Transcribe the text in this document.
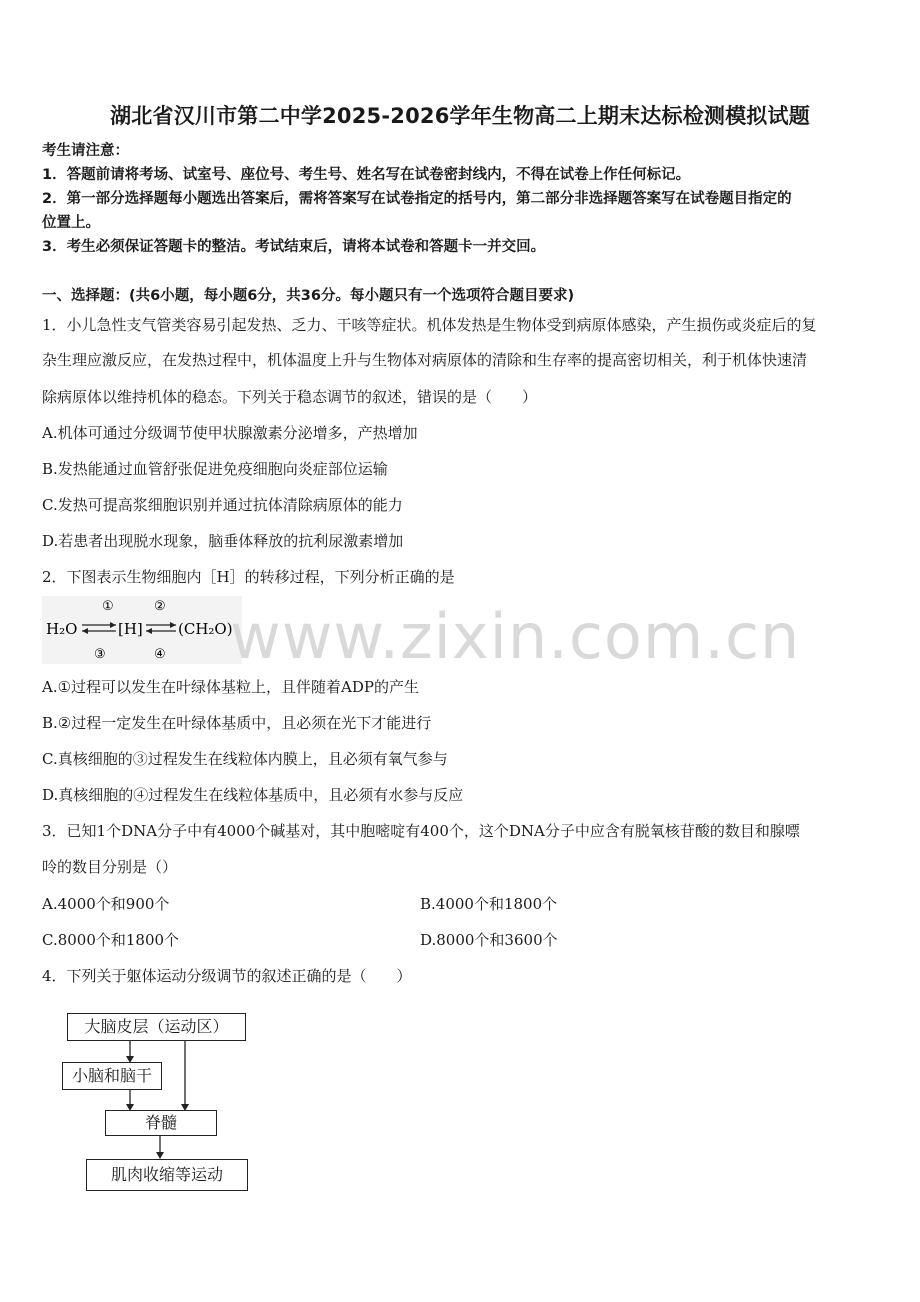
湖北省汉川市第二中学2025-2026学年生物高二上期末达标检测模拟试题
考生请注意：
1．答题前请将考场、试室号、座位号、考生号、姓名写在试卷密封线内，不得在试卷上作任何标记。
2．第一部分选择题每小题选出答案后，需将答案写在试卷指定的括号内，第二部分非选择题答案写在试卷题目指定的
位置上。
3．考生必须保证答题卡的整洁。考试结束后，请将本试卷和答题卡一并交回。
一、选择题：(共6小题，每小题6分，共36分。每小题只有一个选项符合题目要求)
1．小儿急性支气管类容易引起发热、乏力、干咳等症状。机体发热是生物体受到病原体感染，产生损伤或炎症后的复
杂生理应激反应，在发热过程中，机体温度上升与生物体对病原体的清除和生存率的提高密切相关，利于机体快速清
除病原体以维持机体的稳态。下列关于稳态调节的叙述，错误的是（　　）
A.机体可通过分级调节使甲状腺激素分泌增多，产热增加
B.发热能通过血管舒张促进免疫细胞向炎症部位运输
C.发热可提高浆细胞识别并通过抗体清除病原体的能力
D.若患者出现脱水现象，脑垂体释放的抗利尿激素增加
2．下图表示生物细胞内［H］的转移过程，下列分析正确的是
①	②
H₂O	[H] (CH₂O)
③	④ www.zixin.com.cn
A.①过程可以发生在叶绿体基粒上，且伴随着ADP的产生
B.②过程一定发生在叶绿体基质中，且必须在光下才能进行
C.真核细胞的③过程发生在线粒体内膜上，且必须有氧气参与
D.真核细胞的④过程发生在线粒体基质中，且必须有水参与反应
3．已知1个DNA分子中有4000个碱基对，其中胞嘧啶有400个，这个DNA分子中应含有脱氧核苷酸的数目和腺嘌
呤的数目分别是（）
A.4000个和900个	B.4000个和1800个
C.8000个和1800个	D.8000个和3600个
4．下列关于躯体运动分级调节的叙述正确的是（　　）
大脑皮层（运动区）
小脑和脑干
脊髓
肌肉收缩等运动
